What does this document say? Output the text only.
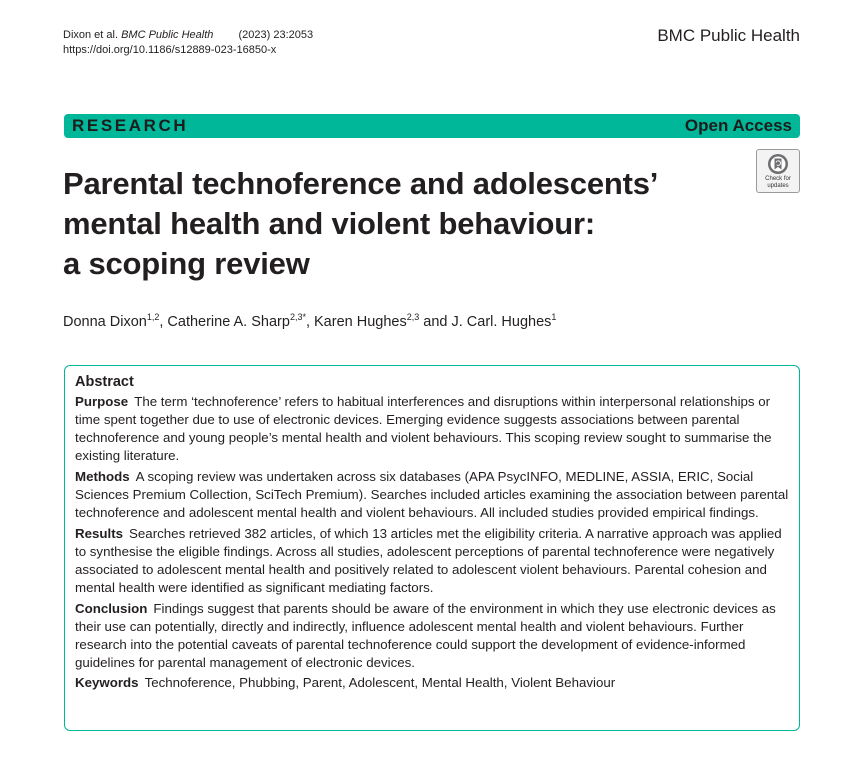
Dixon et al. BMC Public Health (2023) 23:2053
https://doi.org/10.1186/s12889-023-16850-x
BMC Public Health
RESEARCH	Open Access
Check for
updates
Parental technoference and adolescents’
mental health and violent behaviour:
a scoping review
Donna Dixon$^{1,2}$, Catherine A. Sharp$^{2,3*}$, Karen Hughes$^{2,3}$ and J. Carl. Hughes$^1$
Abstract

Purpose The term ‘technoference’ refers to habitual interferences and disruptions within interpersonal relationships or time spent together due to use of electronic devices. Emerging evidence suggests associations between parental technoference and young people’s mental health and violent behaviours. This scoping review sought to summarise the existing literature.

Methods A scoping review was undertaken across six databases (APA PsycINFO, MEDLINE, ASSIA, ERIC, Social Sciences Premium Collection, SciTech Premium). Searches included articles examining the association between parental technoference and adolescent mental health and violent behaviours. All included studies provided empirical findings.

Results Searches retrieved 382 articles, of which 13 articles met the eligibility criteria. A narrative approach was applied to synthesise the eligible findings. Across all studies, adolescent perceptions of parental technoference were negatively associated to adolescent mental health and positively related to adolescent violent behaviours. Parental cohesion and mental health were identified as significant mediating factors.

Conclusion Findings suggest that parents should be aware of the environment in which they use electronic devices as their use can potentially, directly and indirectly, influence adolescent mental health and violent behaviours. Further research into the potential caveats of parental technoference could support the development of evidence-informed guidelines for parental management of electronic devices.

Keywords Technoference, Phubbing, Parent, Adolescent, Mental Health, Violent Behaviour
